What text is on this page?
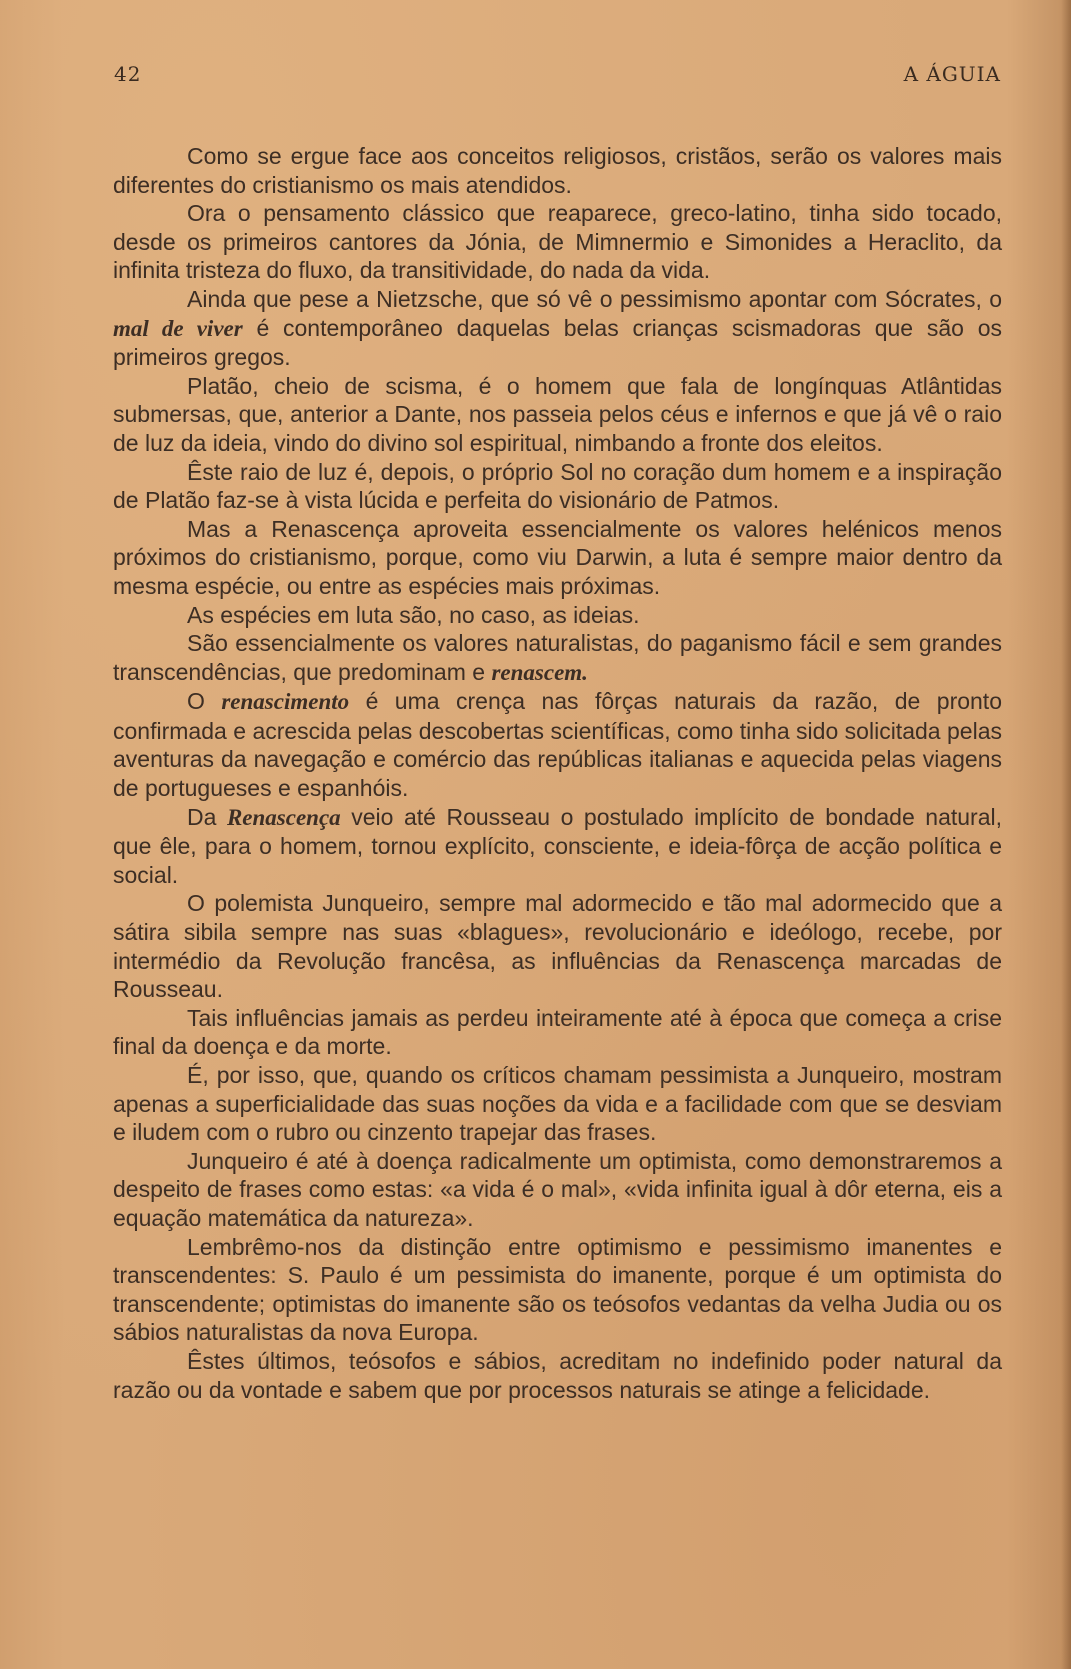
42	A ÁGUIA

Como se ergue face aos conceitos religiosos, cristãos, serão os valores mais diferentes do cristianismo os mais atendidos.

Ora o pensamento clássico que reaparece, greco-latino, tinha sido tocado, desde os primeiros cantores da Jónia, de Mimnermio e Simonides a Heraclito, da infinita tristeza do fluxo, da transitividade, do nada da vida.

Ainda que pese a Nietzsche, que só vê o pessimismo apontar com Sócrates, o mal de viver é contemporâneo daquelas belas crianças scismadoras que são os primeiros gregos.

Platão, cheio de scisma, é o homem que fala de longínquas Atlântidas submersas, que, anterior a Dante, nos passeia pelos céus e infernos e que já vê o raio de luz da ideia, vindo do divino sol espiritual, nimbando a fronte dos eleitos.

Êste raio de luz é, depois, o próprio Sol no coração dum homem e a inspiração de Platão faz-se à vista lúcida e perfeita do visionário de Patmos.

Mas a Renascença aproveita essencialmente os valores helénicos menos próximos do cristianismo, porque, como viu Darwin, a luta é sempre maior dentro da mesma espécie, ou entre as espécies mais próximas.

As espécies em luta são, no caso, as ideias.

São essencialmente os valores naturalistas, do paganismo fácil e sem grandes transcendências, que predominam e renascem.

O renascimento é uma crença nas fôrças naturais da razão, de pronto confirmada e acrescida pelas descobertas scientíficas, como tinha sido solicitada pelas aventuras da navegação e comércio das repúblicas italianas e aquecida pelas viagens de portugueses e espanhóis.

Da Renascença veio até Rousseau o postulado implícito de bondade natural, que êle, para o homem, tornou explícito, consciente, e ideia-fôrça de acção política e social.

O polemista Junqueiro, sempre mal adormecido e tão mal adormecido que a sátira sibila sempre nas suas «blagues», revolucionário e ideólogo, recebe, por intermédio da Revolução francêsa, as influências da Renascença marcadas de Rousseau.

Tais influências jamais as perdeu inteiramente até à época que começa a crise final da doença e da morte.

É, por isso, que, quando os críticos chamam pessimista a Junqueiro, mostram apenas a superficialidade das suas noções da vida e a facilidade com que se desviam e iludem com o rubro ou cinzento trapejar das frases.

Junqueiro é até à doença radicalmente um optimista, como demonstraremos a despeito de frases como estas: «a vida é o mal», «vida infinita igual à dôr eterna, eis a equação matemática da natureza».

Lembrêmo-nos da distinção entre optimismo e pessimismo imanentes e transcendentes: S. Paulo é um pessimista do imanente, porque é um optimista do transcendente; optimistas do imanente são os teósofos vedantas da velha Judia ou os sábios naturalistas da nova Europa.

Êstes últimos, teósofos e sábios, acreditam no indefinido poder natural da razão ou da vontade e sabem que por processos naturais se atinge a felicidade.
